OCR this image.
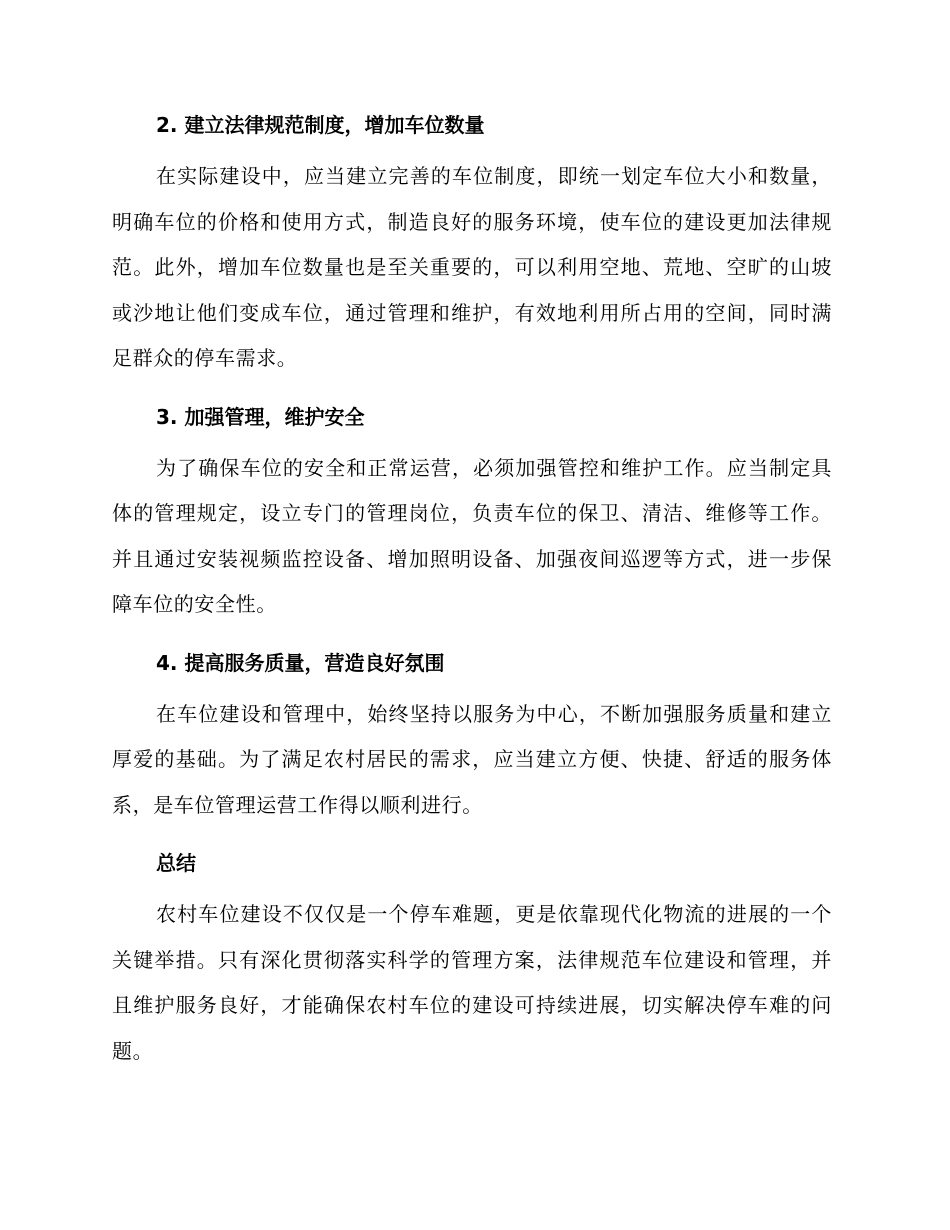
2. 建立法律规范制度，增加车位数量
在实际建设中，应当建立完善的车位制度，即统一划定车位大小和数量，明确车位的价格和使用方式，制造良好的服务环境，使车位的建设更加法律规范。此外，增加车位数量也是至关重要的，可以利用空地、荒地、空旷的山坡或沙地让他们变成车位，通过管理和维护，有效地利用所占用的空间，同时满足群众的停车需求。
3. 加强管理，维护安全
为了确保车位的安全和正常运营，必须加强管控和维护工作。应当制定具体的管理规定，设立专门的管理岗位，负责车位的保卫、清洁、维修等工作。并且通过安装视频监控设备、增加照明设备、加强夜间巡逻等方式，进一步保障车位的安全性。
4. 提高服务质量，营造良好氛围
在车位建设和管理中，始终坚持以服务为中心，不断加强服务质量和建立厚爱的基础。为了满足农村居民的需求，应当建立方便、快捷、舒适的服务体系，是车位管理运营工作得以顺利进行。
总结
农村车位建设不仅仅是一个停车难题，更是依靠现代化物流的进展的一个关键举措。只有深化贯彻落实科学的管理方案，法律规范车位建设和管理，并且维护服务良好，才能确保农村车位的建设可持续进展，切实解决停车难的问题。
